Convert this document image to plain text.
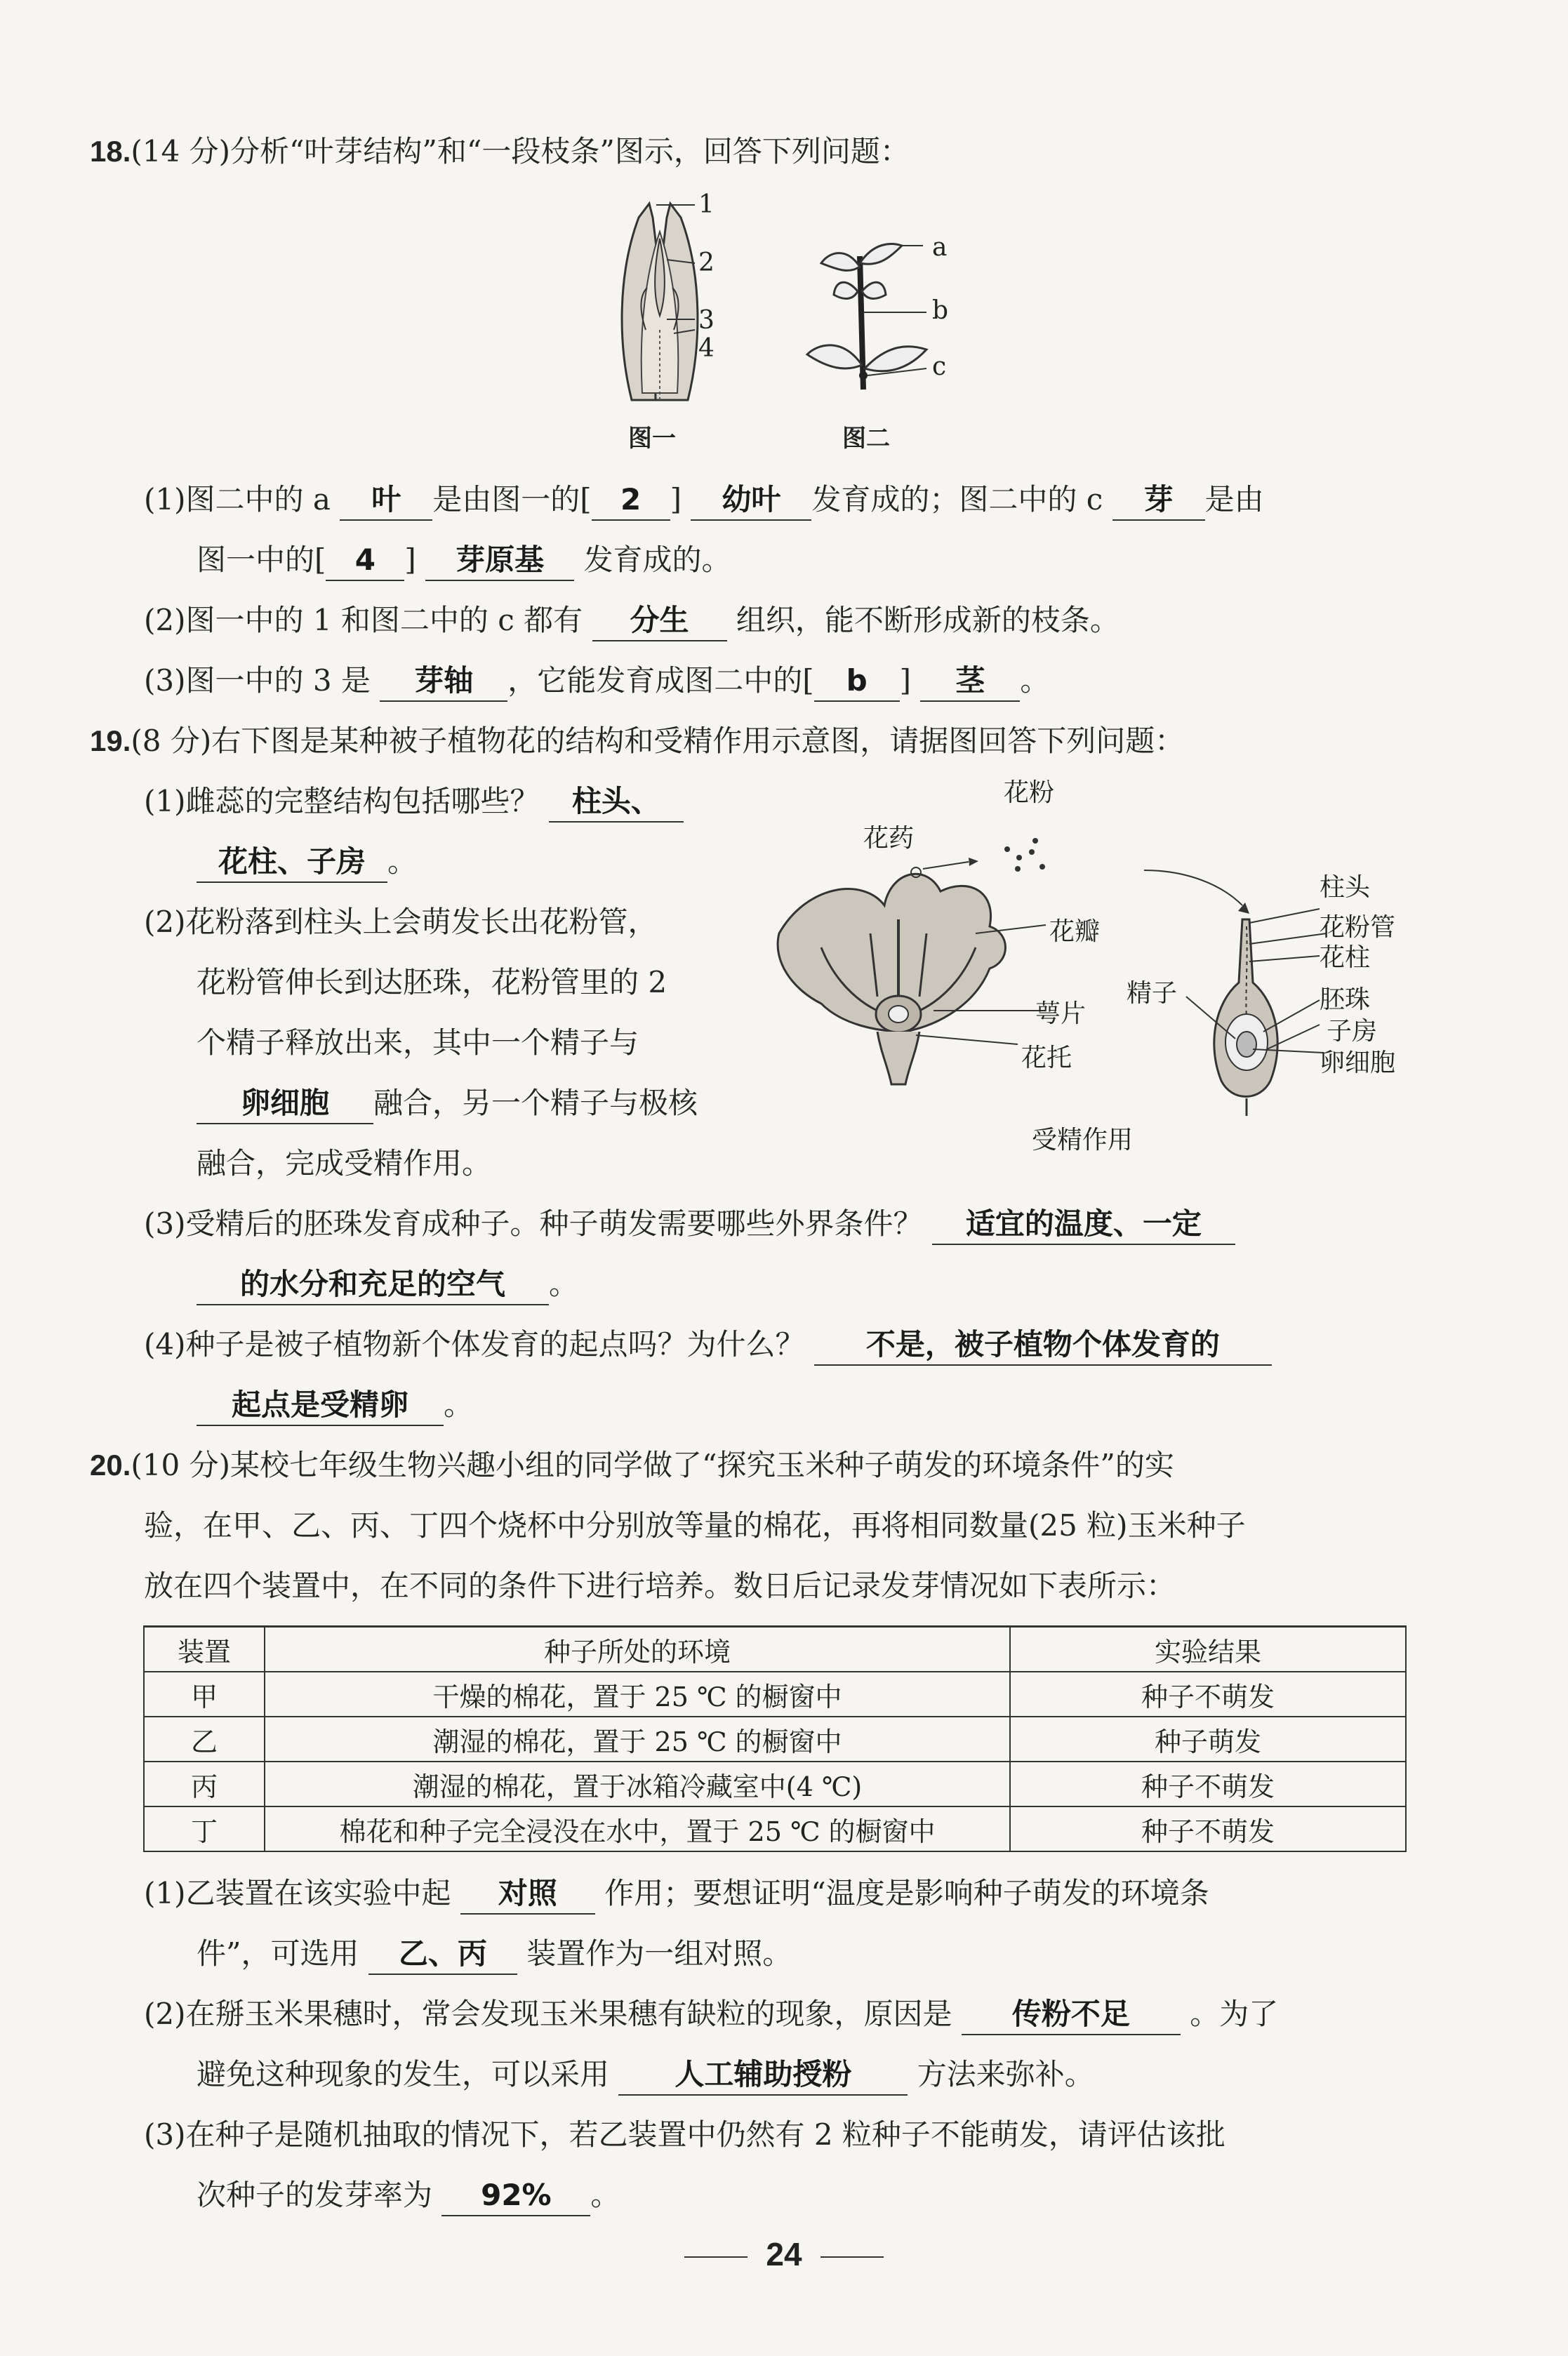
18.(14 分)分析“叶芽结构”和“一段枝条”图示，回答下列问题：
1
2
3
4
图一
a
b
c
图二
(1)图二中的 a 叶 是由图一的[ 2 ] 幼叶 发育成的；图二中的 c 芽 是由
图一中的[ 4 ] 芽原基 发育成的。
(2)图一中的 1 和图二中的 c 都有 分生 组织，能不断形成新的枝条。
(3)图一中的 3 是 芽轴 ，它能发育成图二中的[ b ] 茎 。
19.(8 分)右下图是某种被子植物花的结构和受精作用示意图，请据图回答下列问题：
(1)雌蕊的完整结构包括哪些？ 柱头、
花柱、子房 。
(2)花粉落到柱头上会萌发长出花粉管，
花粉管伸长到达胚珠，花粉管里的 2
个精子释放出来，其中一个精子与
卵细胞 融合，另一个精子与极核
融合，完成受精作用。
花粉
花药
花瓣
萼片
花托
精子
柱头
花粉管
花柱
胚珠
子房
卵细胞
受精作用
(3)受精后的胚珠发育成种子。种子萌发需要哪些外界条件？ 适宜的温度、一定
的水分和充足的空气 。
(4)种子是被子植物新个体发育的起点吗？为什么？ 不是，被子植物个体发育的
起点是受精卵 。
20.(10 分)某校七年级生物兴趣小组的同学做了“探究玉米种子萌发的环境条件”的实
验，在甲、乙、丙、丁四个烧杯中分别放等量的棉花，再将相同数量(25 粒)玉米种子
放在四个装置中，在不同的条件下进行培养。数日后记录发芽情况如下表所示：
装置	种子所处的环境	实验结果
甲	干燥的棉花，置于 25 ℃ 的橱窗中	种子不萌发
乙	潮湿的棉花，置于 25 ℃ 的橱窗中	种子萌发
丙	潮湿的棉花，置于冰箱冷藏室中(4 ℃)	种子不萌发
丁	棉花和种子完全浸没在水中，置于 25 ℃ 的橱窗中	种子不萌发
(1)乙装置在该实验中起 对照 作用；要想证明“温度是影响种子萌发的环境条
件”，可选用 乙、丙 装置作为一组对照。
(2)在掰玉米果穗时，常会发现玉米果穗有缺粒的现象，原因是 传粉不足 。为了
避免这种现象的发生，可以采用 人工辅助授粉 方法来弥补。
(3)在种子是随机抽取的情况下，若乙装置中仍然有 2 粒种子不能萌发，请评估该批
次种子的发芽率为 92% 。
24
